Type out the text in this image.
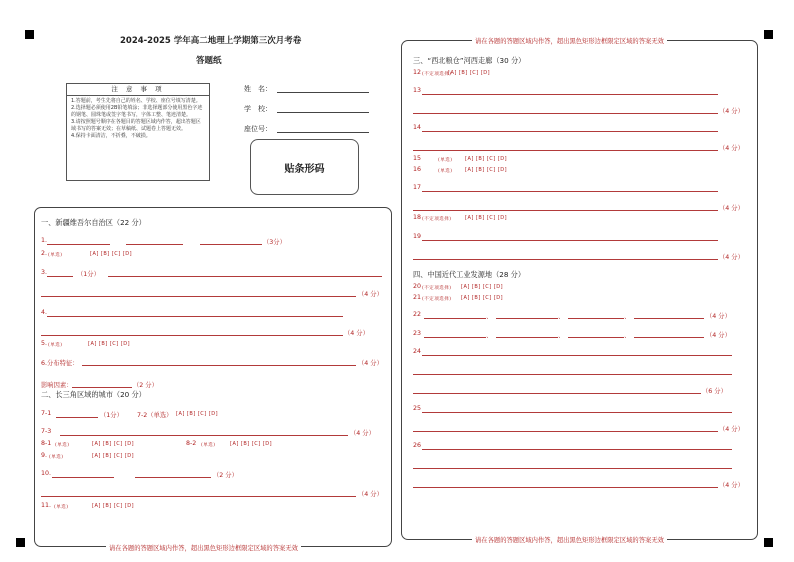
2024-2025 学年高二地理上学期第三次月考卷
答题纸
注 意 事 项
1.答题前，考生先将自己的姓名、学校、座位号填写清楚。
2.选择题必须使用2B铅笔填涂；非选择题部分使用黑色字迹的钢笔、圆珠笔或签字笔书写，字体工整、笔迹清楚。
3.请按照题号顺序在各题目的答题区域内作答，超出答题区域书写的答案无效；在草稿纸、试题卷上答题无效。
4.保持卡面清洁，不折叠，不破损。
姓　名：
学　校：
座位号：
贴条形码
请在各题的答题区域内作答，超出黑色矩形边框限定区域的答案无效
一、新疆维吾尔自治区（22 分）
1.	（3分）
2. (单选)	[A] [B] [C] [D]
3.	（1分）
（4 分）
4.
（4 分）
5. (单选)	[A] [B] [C] [D]
6.分布特征：	（4 分）
影响因素：	（2 分）
二、长三角区域的城市（20 分）
7-1	（1分） 7-2（单选） [A] [B] [C] [D]
7-3	（4 分）
8-1 (单选)	[A] [B] [C] [D]	8-2 (单选)	[A] [B] [C] [D]
9. (单选)	[A] [B] [C] [D]
10.	（2 分）
（4 分）
11. (单选)	[A] [B] [C] [D]
请在各题的答题区域内作答，超出黑色矩形边框限定区域的答案无效
请在各题的答题区域内作答，超出黑色矩形边框限定区域的答案无效
三、“西北粮仓”河西走廊（30 分）
12 (不定项选择)
[A] [B] [C] [D]
13
（4 分）
14
（4 分）
15	(单选) [A] [B] [C] [D]
16	(单选) [A] [B] [C] [D]
17
（4 分）
18 (不定项选择)	[A] [B] [C] [D]
19
（4 分）
四、中国近代工业发源地（28 分）
20 (不定项选择) [A] [B] [C] [D]
21 (不定项选择) [A] [B] [C] [D]
22	、	、	、	（4 分）
23	、	、	、	（4 分）
24
（6 分）
25
（4 分）
26
（4 分）
